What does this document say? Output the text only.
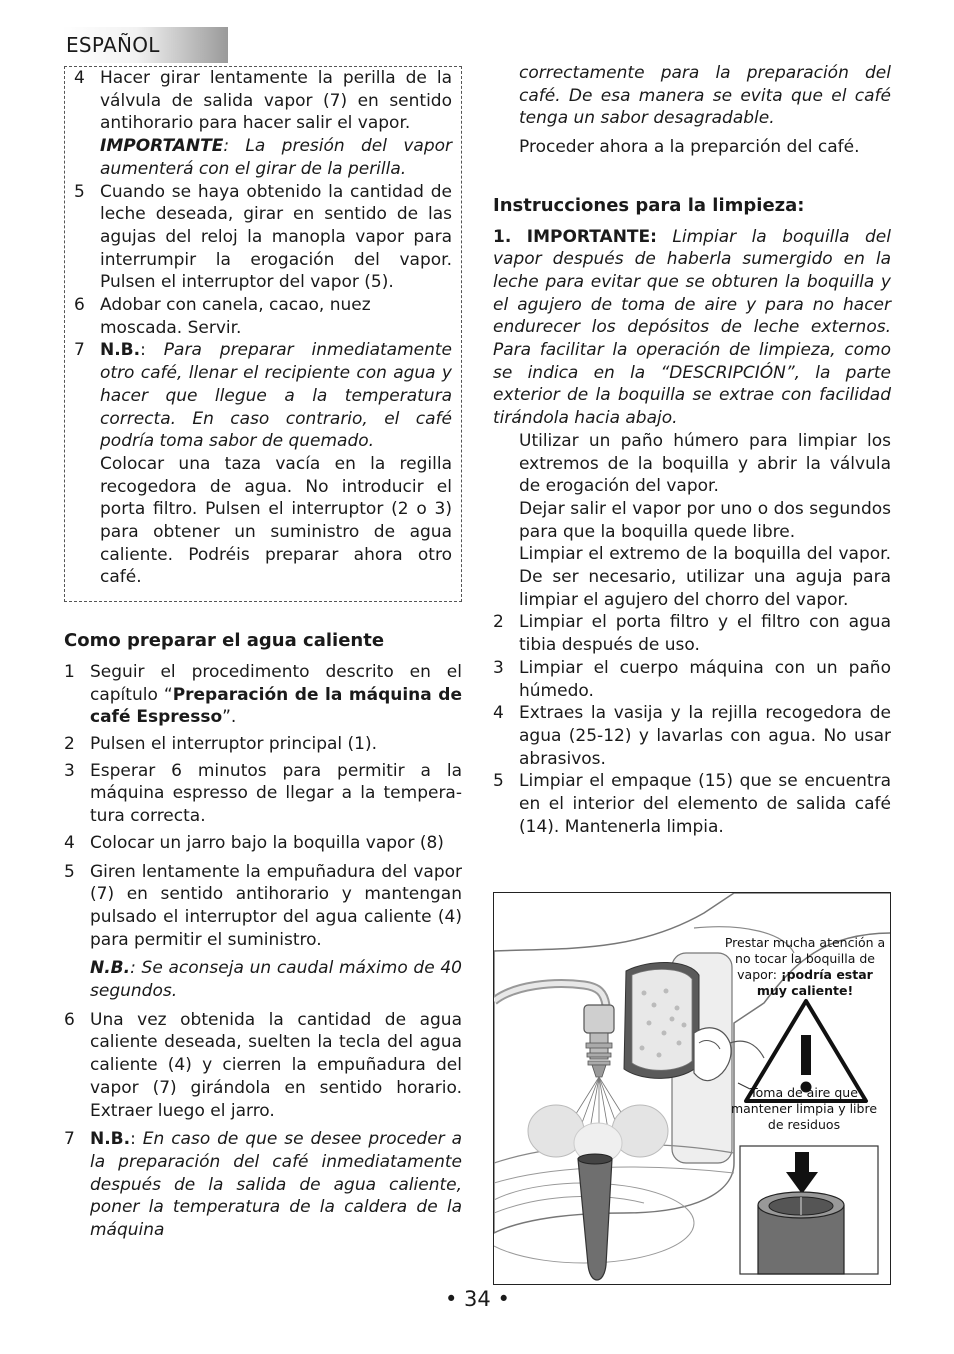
ESPAÑOL
4 Hacer girar lentamente la perilla de la válvula de salida vapor (7) en sentido antihorario para hacer salir el vapor.
IMPORTANTE: La presión del vapor aumenterá con el girar de la perilla.
5 Cuando se haya obtenido la cantidad de leche deseada, girar en sentido de las agujas del reloj la manopla vapor para interrumpir la erogación del vapor. Pulsen el interruptor del vapor (5).
6 Adobar con canela, cacao, nuez moscada. Servir.
7 N.B.: Para preparar inmediatamente otro café, llenar el recipiente con agua y hacer que llegue a la temperatura correcta. En caso contrario, el café podría toma sabor de quemado.
Colocar una taza vacía en la regilla recogedora de agua. No introducir el porta filtro. Pulsen el interruptor (2 o 3) para obtener un suministro de agua caliente. Podréis preparar ahora otro café.

Como preparar el agua caliente

1 Seguir el procedimento descrito en el capítulo “Preparación de la máquina de café Espresso”.
2 Pulsen el interruptor principal (1).
3 Esperar 6 minutos para permitir a la máquina espresso de llegar a la tempera-tura correcta.
4 Colocar un jarro bajo la boquilla vapor (8)
5 Giren lentamente la empuñadura del vapor (7) en sentido antihorario y mantengan pulsado el interruptor del agua caliente (4) para permitir el suministro.
N.B.: Se aconseja un caudal máximo de 40 segundos.
6 Una vez obtenida la cantidad de agua caliente deseada, suelten la tecla del agua caliente (4) y cierren la empuñadura del vapor (7) girándola en sentido horario. Extraer luego el jarro.
7 N.B.: En caso de que se desee proceder a la preparación del café inmediatamente después de la salida de agua caliente, poner la temperatura de la caldera de la máquina
correctamente para la preparación del café. De esa manera se evita que el café tenga un sabor desagradable.
Proceder ahora a la preparción del café.

Instrucciones para la limpieza:

1. IMPORTANTE: Limpiar la boquilla del vapor después de haberla sumergido en la leche para evitar que se obturen la boquilla y el agujero de toma de aire y para no hacer endurecer los depósitos de leche externos. Para facilitar la operación de limpieza, como se indica en la “DESCRIPCIÓN”, la parte exterior de la boquilla se extrae con facilidad tirándola hacia abajo.
Utilizar un paño húmero para limpiar los extremos de la boquilla y abrir la válvula de erogación del vapor.
Dejar salir el vapor por uno o dos segundos para que la boquilla quede libre.
Limpiar el extremo de la boquilla del vapor. De ser necesario, utilizar una aguja para limpiar el agujero del chorro del vapor.
2 Limpiar el porta filtro y el filtro con agua tibia después de uso.
3 Limpiar el cuerpo máquina con un paño húmedo.
4 Extraes la vasija y la rejilla recogedora de agua (25-12) y lavarlas con agua. No usar abrasivos.
5 Limpiar el empaque (15) que se encuentra en el interior del elemento de salida café (14). Mantenerla limpia.
Prestar mucha atención a no tocar la boquilla de vapor: ¡podría estar muy caliente!
Toma de aire que mantener limpia y libre de residuos
• 34 •
